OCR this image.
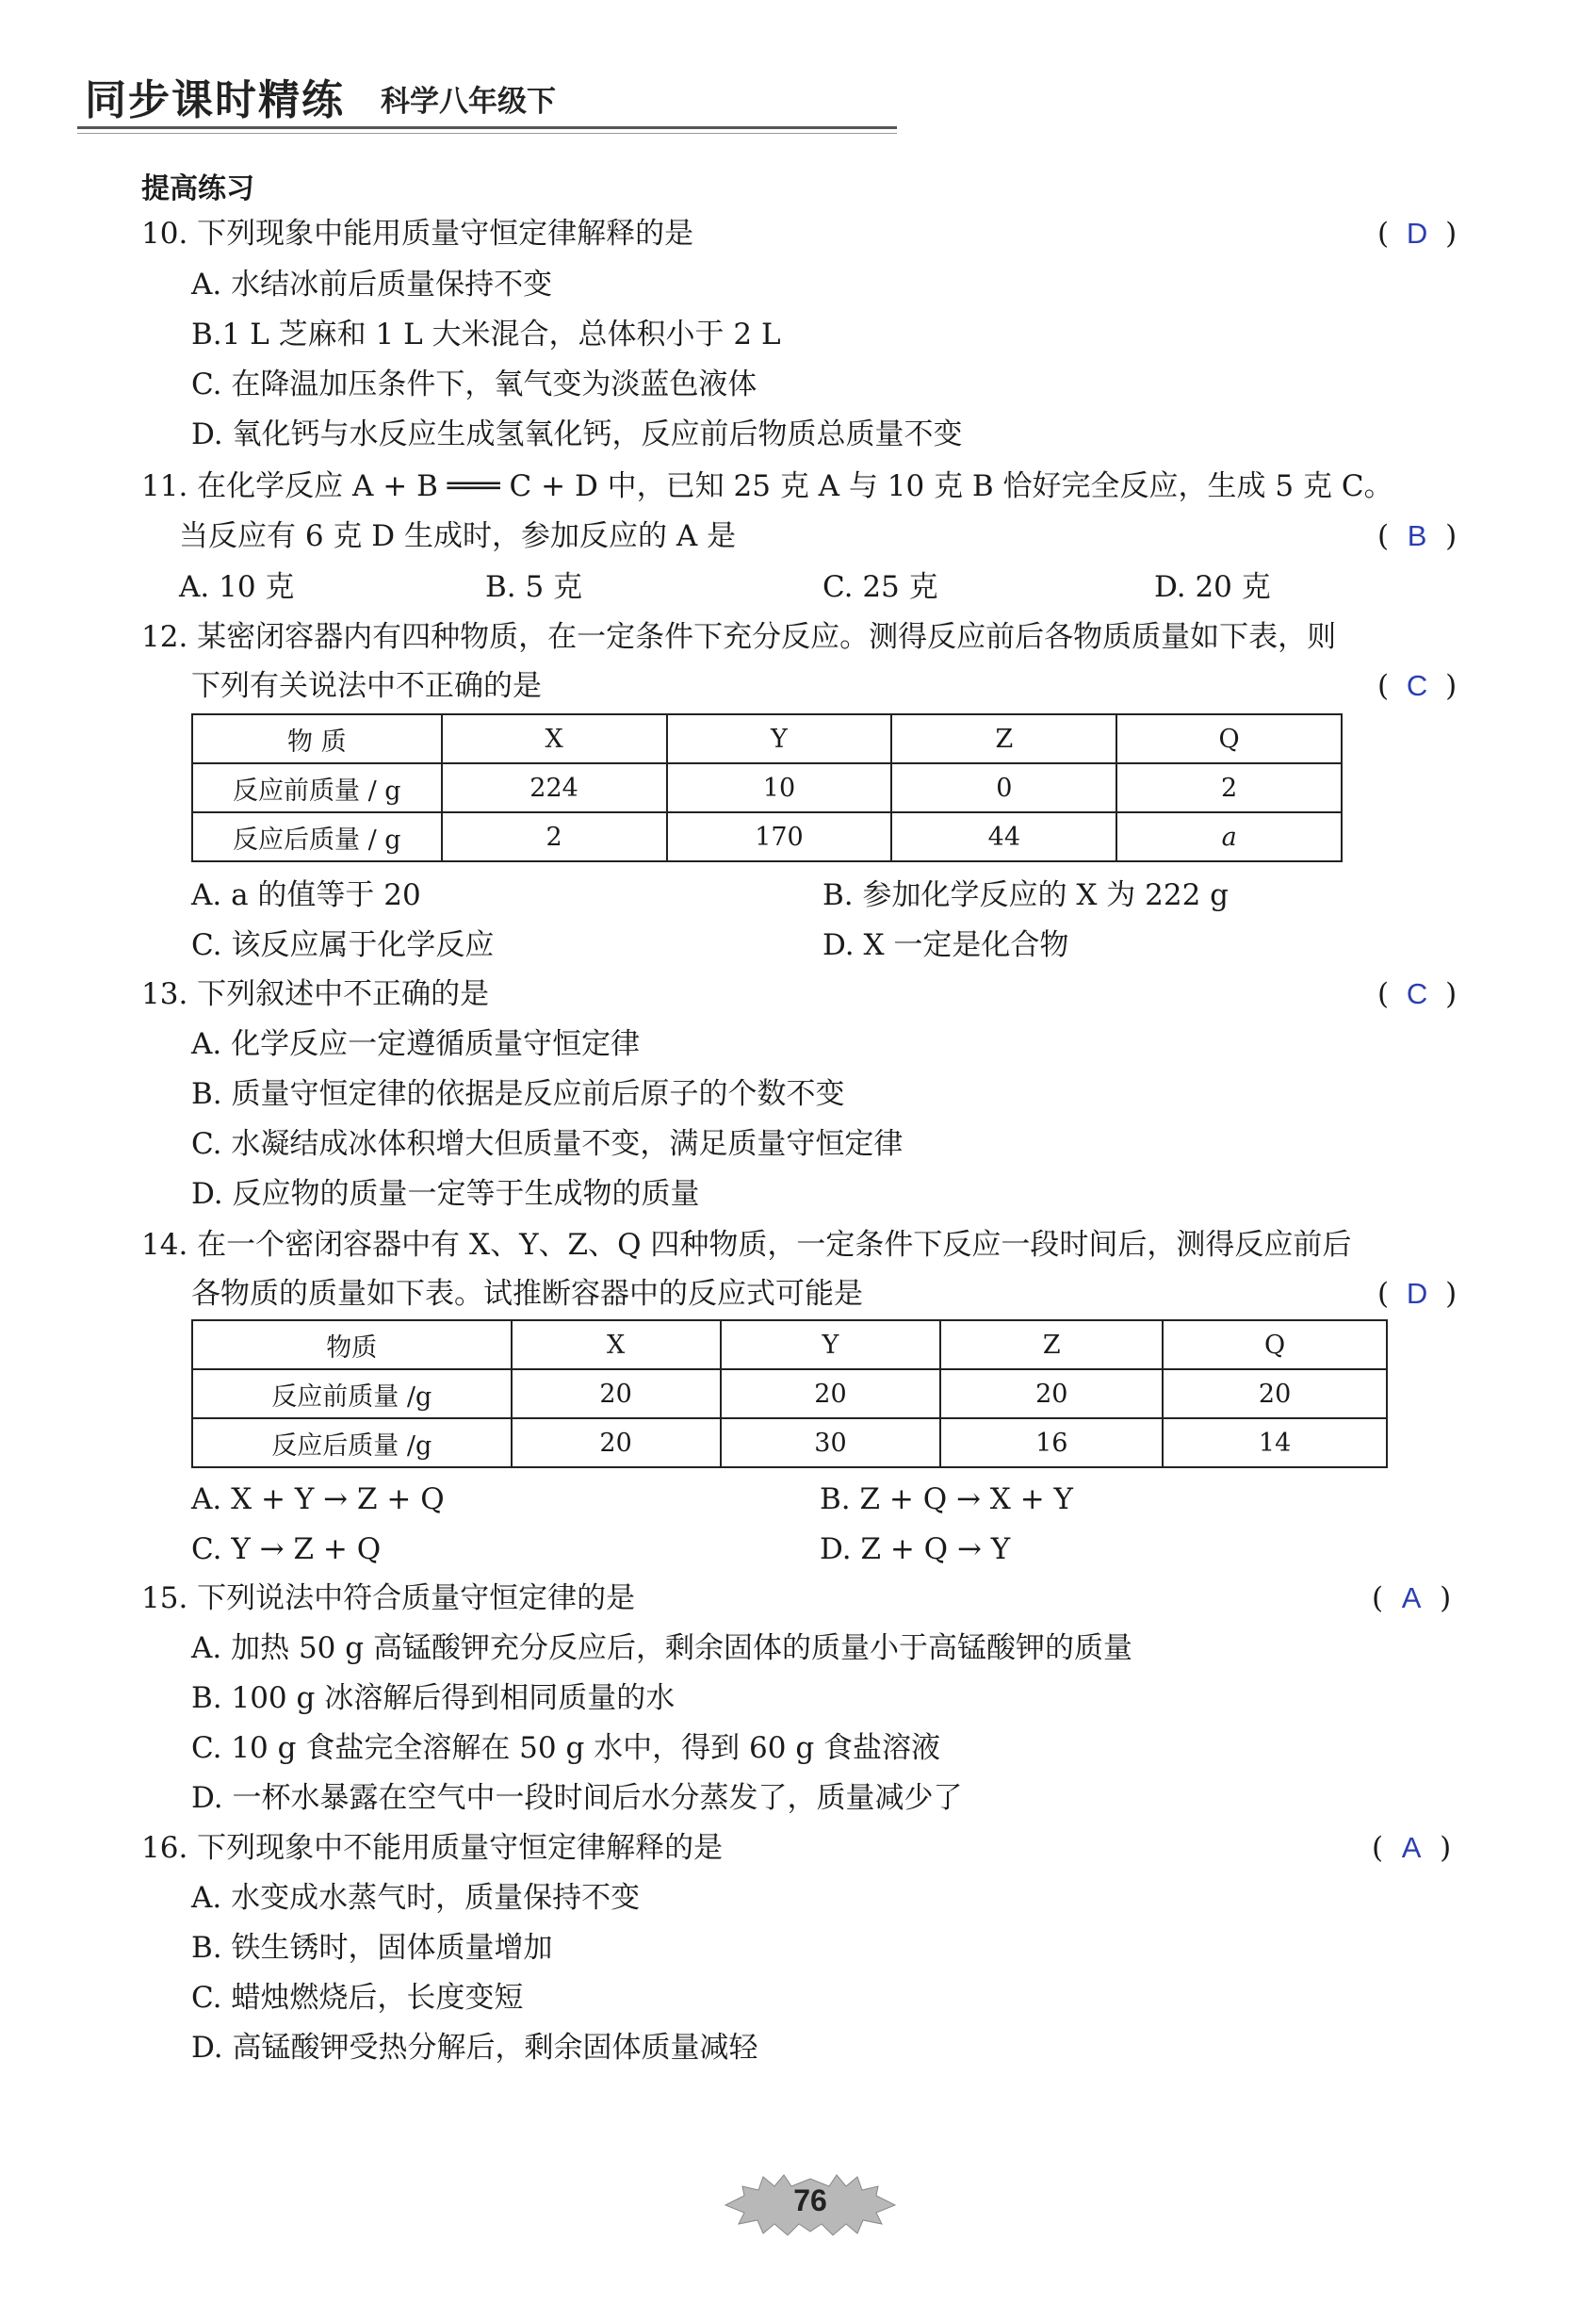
同步课时精练 科学八年级下
提高练习
10. 下列现象中能用质量守恒定律解释的是	( D )
A. 水结冰前后质量保持不变
B.1 L 芝麻和 1 L 大米混合，总体积小于 2 L
C. 在降温加压条件下，氧气变为淡蓝色液体
D. 氧化钙与水反应生成氢氧化钙，反应前后物质总质量不变
11. 在化学反应 A + B ═══ C + D 中，已知 25 克 A 与 10 克 B 恰好完全反应，生成 5 克 C。
当反应有 6 克 D 生成时，参加反应的 A 是	( B )
A. 10 克	B. 5 克	C. 25 克	D. 20 克
12. 某密闭容器内有四种物质，在一定条件下充分反应。测得反应前后各物质质量如下表，则
下列有关说法中不正确的是	( C )
物 质	X	Y	Z	Q
反应前质量 / g	224	10	0	2
反应后质量 / g	2	170	44	a
A. a 的值等于 20	B. 参加化学反应的 X 为 222 g
C. 该反应属于化学反应	D. X 一定是化合物
13. 下列叙述中不正确的是	( C )
A. 化学反应一定遵循质量守恒定律
B. 质量守恒定律的依据是反应前后原子的个数不变
C. 水凝结成冰体积增大但质量不变，满足质量守恒定律
D. 反应物的质量一定等于生成物的质量
14. 在一个密闭容器中有 X、Y、Z、Q 四种物质，一定条件下反应一段时间后，测得反应前后
各物质的质量如下表。试推断容器中的反应式可能是	( D )
物质	X	Y	Z	Q
反应前质量 /g	20	20	20	20
反应后质量 /g	20	30	16	14
A. X + Y → Z + Q	B. Z + Q → X + Y
C. Y → Z + Q	D. Z + Q → Y
15. 下列说法中符合质量守恒定律的是	( A )
A. 加热 50 g 高锰酸钾充分反应后，剩余固体的质量小于高锰酸钾的质量
B. 100 g 冰溶解后得到相同质量的水
C. 10 g 食盐完全溶解在 50 g 水中，得到 60 g 食盐溶液
D. 一杯水暴露在空气中一段时间后水分蒸发了，质量减少了
16. 下列现象中不能用质量守恒定律解释的是	( A )
A. 水变成水蒸气时，质量保持不变
B. 铁生锈时，固体质量增加
C. 蜡烛燃烧后，长度变短
D. 高锰酸钾受热分解后，剩余固体质量减轻
76
